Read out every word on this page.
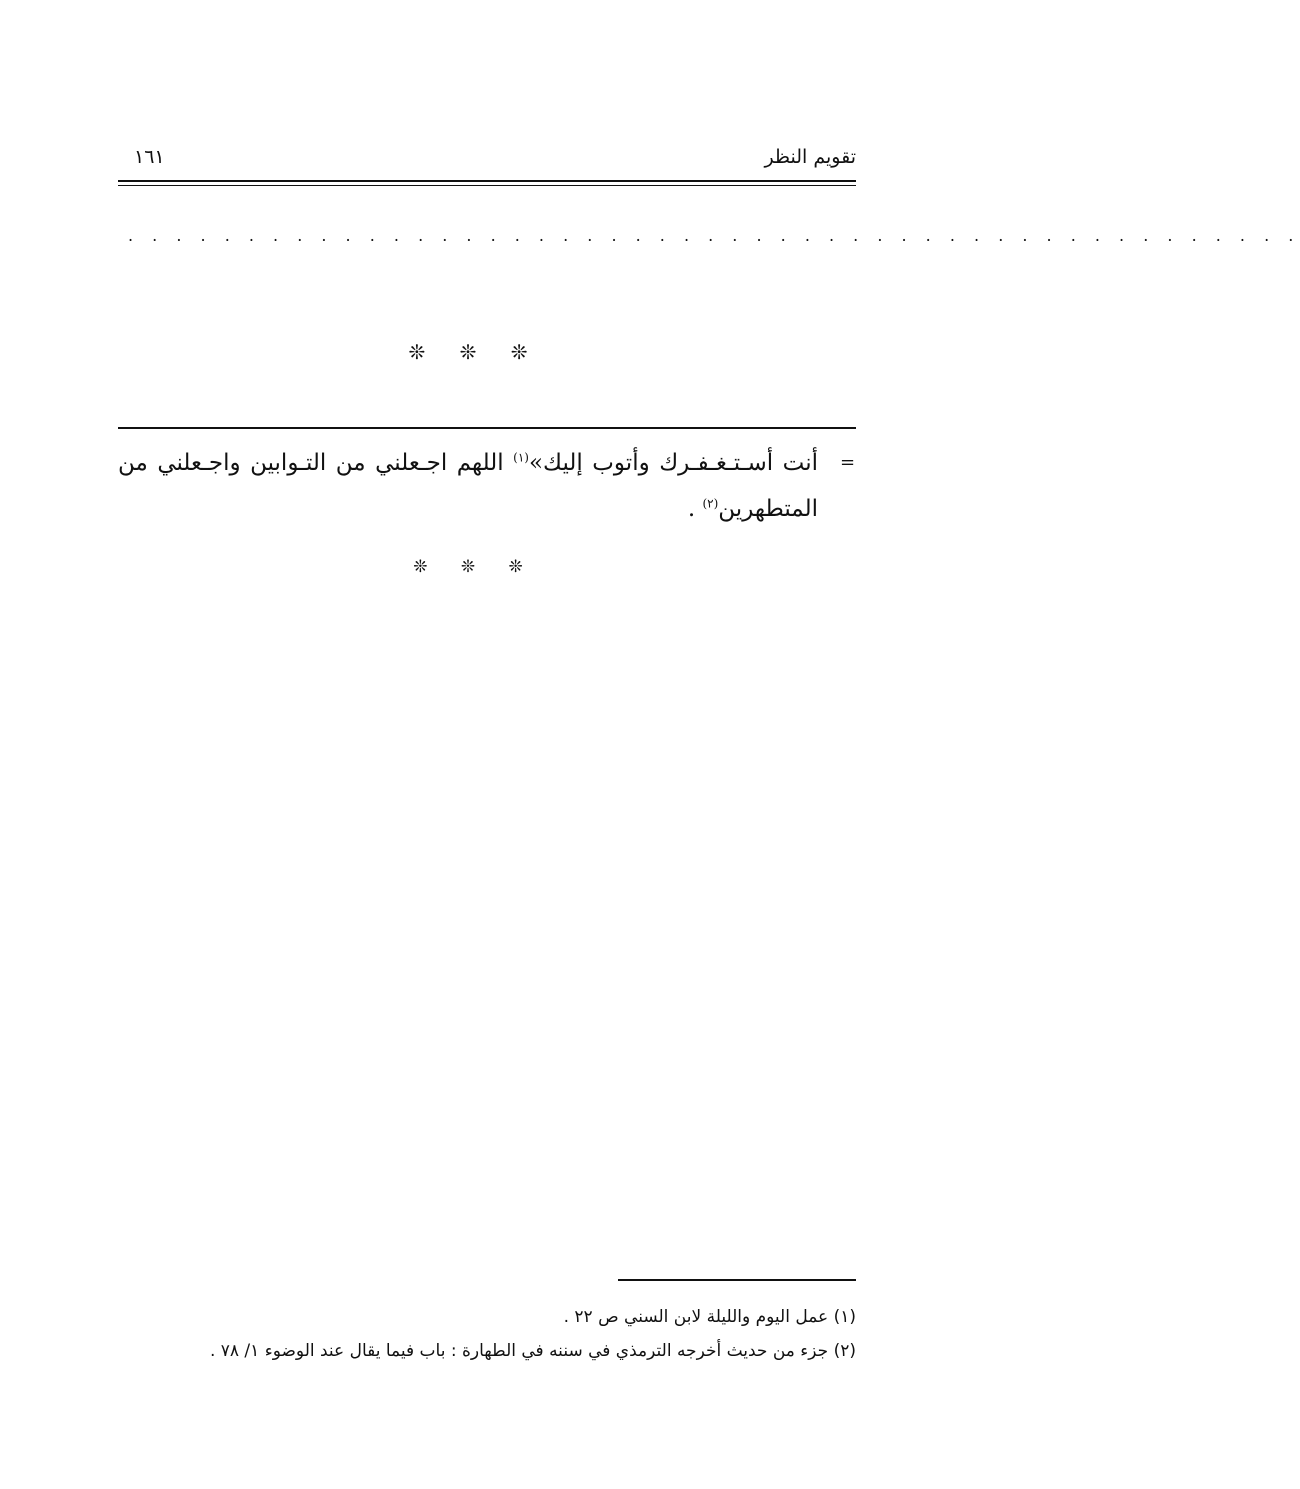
تقويم النظر
١٦١
. . . . . . . . . . . . . . . . . . . . . . . . . . . . . . . . . . . . . . . . . . . . . . . . .
❊ ❊ ❊
=
أنت أسـتـغـفـرك وأتوب إليك»$^{(١)}$ اللهم اجـعلني من التـوابين واجـعلني من المتطهرين$^{(٢)}$ .
❊ ❊ ❊
(١) عمل اليوم والليلة لابن السني ص ٢٢ .
(٢) جزء من حديث أخرجه الترمذي في سننه في الطهارة : باب فيما يقال عند الوضوء ١/ ٧٨ .
